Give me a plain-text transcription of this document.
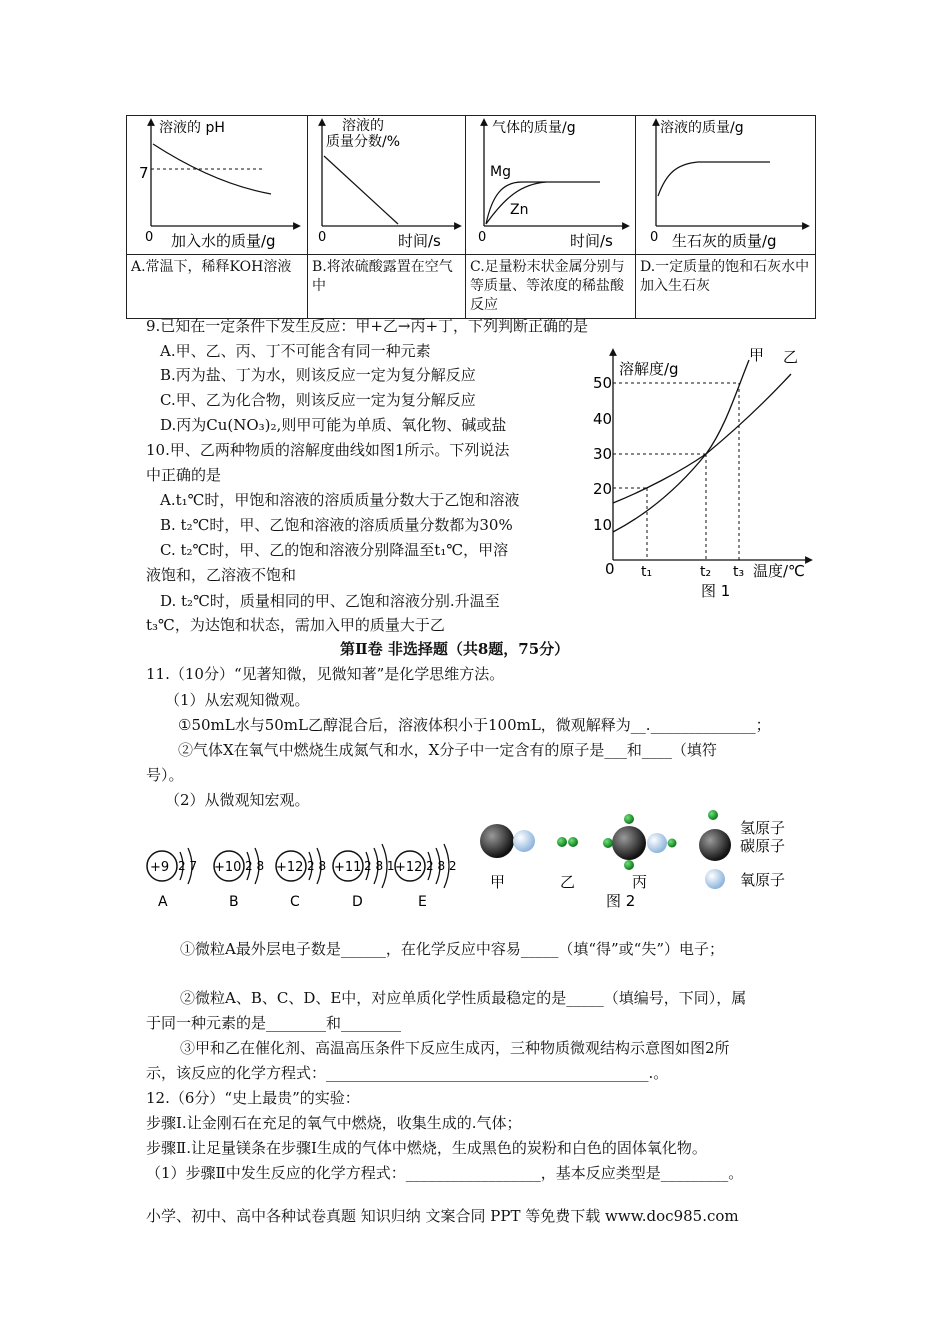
溶液的 pH
7
0 加入水的质量/g	溶液的
质量分数/%
0 时间/s	气体的质量/g
Mg
Zn
0 时间/s	溶液的质量/g
0 生石灰的质量/g

A.常温下，稀释KOH溶液	B.将浓硫酸露置在空气中	C.足量粉末状金属分别与等质量、等浓度的稀盐酸反应	D.一定质量的饱和石灰水中加入生石灰
9.已知在一定条件下发生反应：甲+乙→丙+丁，下列判断正确的是
A.甲、乙、丙、丁不可能含有同一种元素
B.丙为盐、丁为水，则该反应一定为复分解反应
C.甲、乙为化合物，则该反应一定为复分解反应
D.丙为Cu(NO₃)₂,则甲可能为单质、氧化物、碱或盐
10.甲、乙两种物质的溶解度曲线如图1所示。下列说法
中正确的是
A.t₁℃时，甲饱和溶液的溶质质量分数大于乙饱和溶液
B. t₂℃时，甲、乙饱和溶液的溶质质量分数都为30%
C. t₂℃时，甲、乙的饱和溶液分别降温至t₁℃，甲溶
液饱和，乙溶液不饱和
D. t₂℃时，质量相同的甲、乙饱和溶液分别.升温至
t₃℃，为达饱和状态，需加入甲的质量大于乙
溶解度/g
50
40
30
20
10
0
甲 乙
t₁	t₂ t₃ 温度/℃
图 1
第Ⅱ卷 非选择题（共8题，75分）
11.（10分）“见著知微，见微知著”是化学思维方法。
（1）从宏观知微观。
①50mL水与50mL乙醇混合后，溶液体积小于100mL，微观解释为__.______________；
②气体X在氧气中燃烧生成氮气和水，X分子中一定含有的原子是___和____（填符
号）。
（2）从微观知宏观。
+9 2 7
A
+10 2 8
B
+12 2 8
C
+11 2 8 1
D
+12 2 8 2
E
氢原子
碳原子
氧原子
甲	乙	丙
图 2
①微粒A最外层电子数是______，在化学反应中容易_____（填“得”或“失”）电子；
②微粒A、B、C、D、E中，对应单质化学性质最稳定的是_____（填编号，下同），属
于同一种元素的是________和________
③甲和乙在催化剂、高温高压条件下反应生成丙，三种物质微观结构示意图如图2所
示，该反应的化学方程式：___________________________________________.。
12.（6分）“史上最贵”的实验：
步骤Ⅰ.让金刚石在充足的氧气中燃烧，收集生成的.气体；
步骤Ⅱ.让足量镁条在步骤Ⅰ生成的气体中燃烧，生成黑色的炭粉和白色的固体氧化物。
（1）步骤Ⅱ中发生反应的化学方程式：__________________，基本反应类型是_________。
小学、初中、高中各种试卷真题 知识归纳 文案合同 PPT 等免费下载 www.doc985.com
